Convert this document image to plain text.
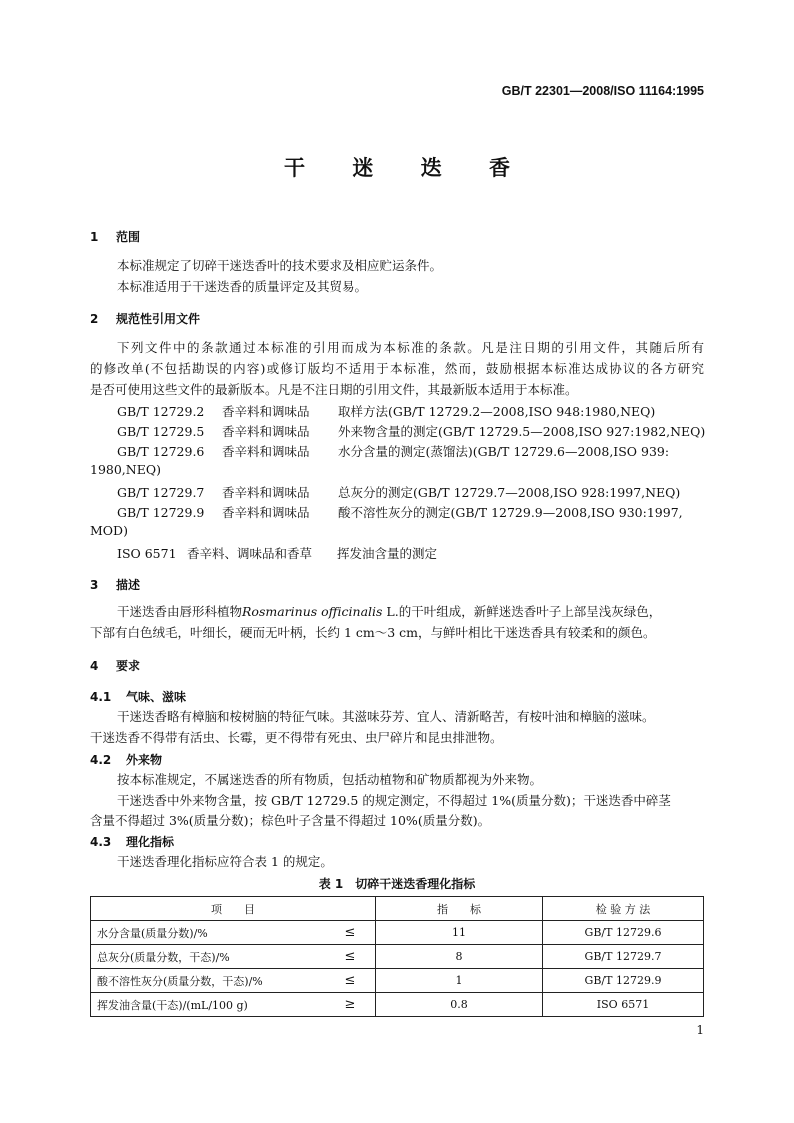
GB/T 22301—2008/ISO 11164:1995
干 迷 迭 香
1 范围
本标准规定了切碎干迷迭香叶的技术要求及相应贮运条件。
本标准适用于干迷迭香的质量评定及其贸易。
2 规范性引用文件
下列文件中的条款通过本标准的引用而成为本标准的条款。凡是注日期的引用文件，其随后所有
的修改单(不包括勘误的内容)或修订版均不适用于本标准，然而，鼓励根据本标准达成协议的各方研究
是否可使用这些文件的最新版本。凡是不注日期的引用文件，其最新版本适用于本标准。
GB/T 12729.2 香辛料和调味品 取样方法(GB/T 12729.2—2008,ISO 948:1980,NEQ)
GB/T 12729.5 香辛料和调味品 外来物含量的测定(GB/T 12729.5—2008,ISO 927:1982,NEQ)
GB/T 12729.6 香辛料和调味品 水分含量的测定(蒸馏法)(GB/T 12729.6—2008,ISO 939:
1980,NEQ)
GB/T 12729.7 香辛料和调味品 总灰分的测定(GB/T 12729.7—2008,ISO 928:1997,NEQ)
GB/T 12729.9 香辛料和调味品 酸不溶性灰分的测定(GB/T 12729.9—2008,ISO 930:1997,
MOD)
ISO 6571 香辛料、调味品和香草 挥发油含量的测定
3 描述
干迷迭香由唇形科植物Rosmarinus officinalis L.的干叶组成，新鲜迷迭香叶子上部呈浅灰绿色，
下部有白色绒毛，叶细长，硬而无叶柄，长约 1 cm～3 cm，与鲜叶相比干迷迭香具有较柔和的颜色。
4 要求
4.1 气味、滋味
干迷迭香略有樟脑和桉树脑的特征气味。其滋味芬芳、宜人、清新略苦，有桉叶油和樟脑的滋味。
干迷迭香不得带有活虫、长霉，更不得带有死虫、虫尸碎片和昆虫排泄物。
4.2 外来物
按本标准规定，不属迷迭香的所有物质，包括动植物和矿物质都视为外来物。
干迷迭香中外来物含量，按 GB/T 12729.5 的规定测定，不得超过 1%(质量分数)；干迷迭香中碎茎
含量不得超过 3%(质量分数)；棕色叶子含量不得超过 10%(质量分数)。
4.3 理化指标
干迷迭香理化指标应符合表 1 的规定。
表 1　切碎干迷迭香理化指标
项　　目		指　　标	检 验 方 法
水分含量(质量分数)/%	≤	11	GB/T 12729.6
总灰分(质量分数，干态)/%	≤	8	GB/T 12729.7
酸不溶性灰分(质量分数，干态)/%	≤	1	GB/T 12729.9
挥发油含量(干态)/(mL/100 g)	≥	0.8	ISO 6571
1
